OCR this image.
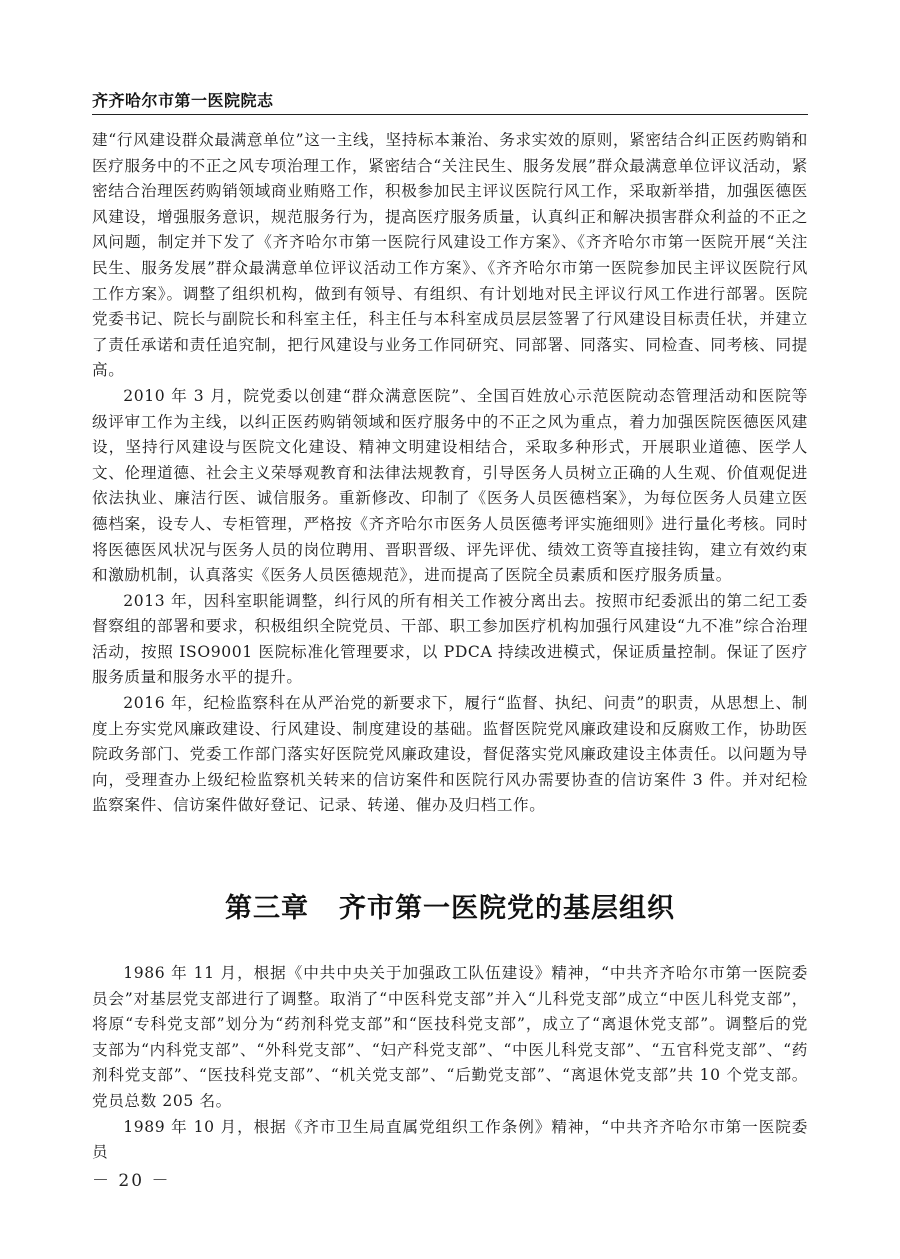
齐齐哈尔市第一医院院志

建“行风建设群众最满意单位”这一主线，坚持标本兼治、务求实效的原则，紧密结合纠正医药购销和医疗服务中的不正之风专项治理工作，紧密结合“关注民生、服务发展”群众最满意单位评议活动，紧密结合治理医药购销领域商业贿赂工作，积极参加民主评议医院行风工作，采取新举措，加强医德医风建设，增强服务意识，规范服务行为，提高医疗服务质量，认真纠正和解决损害群众利益的不正之风问题，制定并下发了《齐齐哈尔市第一医院行风建设工作方案》、《齐齐哈尔市第一医院开展“关注民生、服务发展”群众最满意单位评议活动工作方案》、《齐齐哈尔市第一医院参加民主评议医院行风工作方案》。调整了组织机构，做到有领导、有组织、有计划地对民主评议行风工作进行部署。医院党委书记、院长与副院长和科室主任，科主任与本科室成员层层签署了行风建设目标责任状，并建立了责任承诺和责任追究制，把行风建设与业务工作同研究、同部署、同落实、同检查、同考核、同提高。

2010 年 3 月，院党委以创建“群众满意医院”、全国百姓放心示范医院动态管理活动和医院等级评审工作为主线，以纠正医药购销领域和医疗服务中的不正之风为重点，着力加强医院医德医风建设，坚持行风建设与医院文化建设、精神文明建设相结合，采取多种形式，开展职业道德、医学人文、伦理道德、社会主义荣辱观教育和法律法规教育，引导医务人员树立正确的人生观、价值观促进依法执业、廉洁行医、诚信服务。重新修改、印制了《医务人员医德档案》，为每位医务人员建立医德档案，设专人、专柜管理，严格按《齐齐哈尔市医务人员医德考评实施细则》进行量化考核。同时将医德医风状况与医务人员的岗位聘用、晋职晋级、评先评优、绩效工资等直接挂钩，建立有效约束和激励机制，认真落实《医务人员医德规范》，进而提高了医院全员素质和医疗服务质量。

2013 年，因科室职能调整，纠行风的所有相关工作被分离出去。按照市纪委派出的第二纪工委督察组的部署和要求，积极组织全院党员、干部、职工参加医疗机构加强行风建设“九不准”综合治理活动，按照 ISO9001 医院标准化管理要求，以 PDCA 持续改进模式，保证质量控制。保证了医疗服务质量和服务水平的提升。

2016 年，纪检监察科在从严治党的新要求下，履行“监督、执纪、问责”的职责，从思想上、制度上夯实党风廉政建设、行风建设、制度建设的基础。监督医院党风廉政建设和反腐败工作，协助医院政务部门、党委工作部门落实好医院党风廉政建设，督促落实党风廉政建设主体责任。以问题为导向，受理查办上级纪检监察机关转来的信访案件和医院行风办需要协查的信访案件 3 件。并对纪检监察案件、信访案件做好登记、记录、转递、催办及归档工作。

第三章 齐市第一医院党的基层组织

1986 年 11 月，根据《中共中央关于加强政工队伍建设》精神，“中共齐齐哈尔市第一医院委员会”对基层党支部进行了调整。取消了“中医科党支部”并入“儿科党支部”成立“中医儿科党支部”，将原“专科党支部”划分为“药剂科党支部”和“医技科党支部”，成立了“离退休党支部”。调整后的党支部为“内科党支部”、“外科党支部”、“妇产科党支部”、“中医儿科党支部”、“五官科党支部”、“药剂科党支部”、“医技科党支部”、“机关党支部”、“后勤党支部”、“离退休党支部”共 10 个党支部。党员总数 205 名。

1989 年 10 月，根据《齐市卫生局直属党组织工作条例》精神，“中共齐齐哈尔市第一医院委员

－ 20 －
